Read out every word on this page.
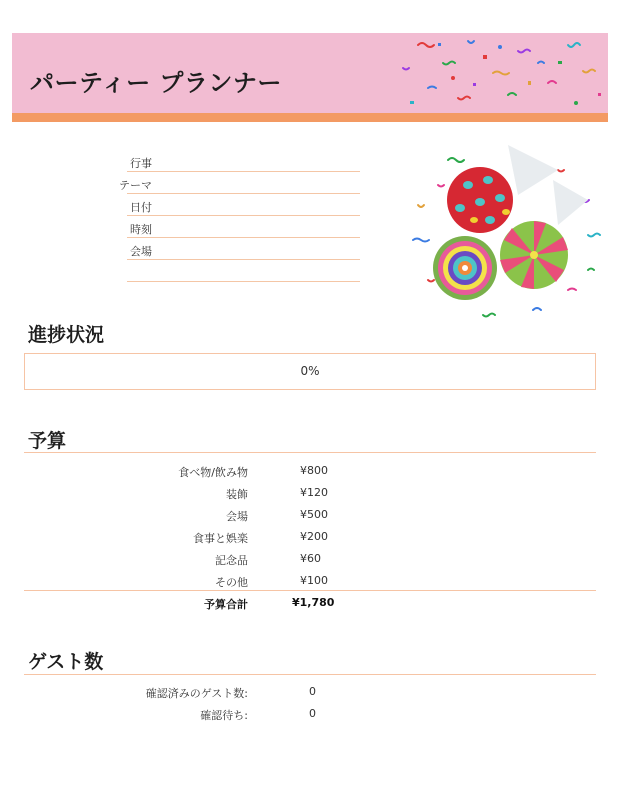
パーティー プランナー
行事
テーマ
日付
時刻
会場
進捗状況
0%
予算
食べ物/飲み物	¥800
装飾	¥120
会場	¥500
食事と娯楽	¥200
記念品	¥60
その他	¥100
予算合計	¥1,780
ゲスト数
確認済みのゲスト数:	0
確認待ち:	0
